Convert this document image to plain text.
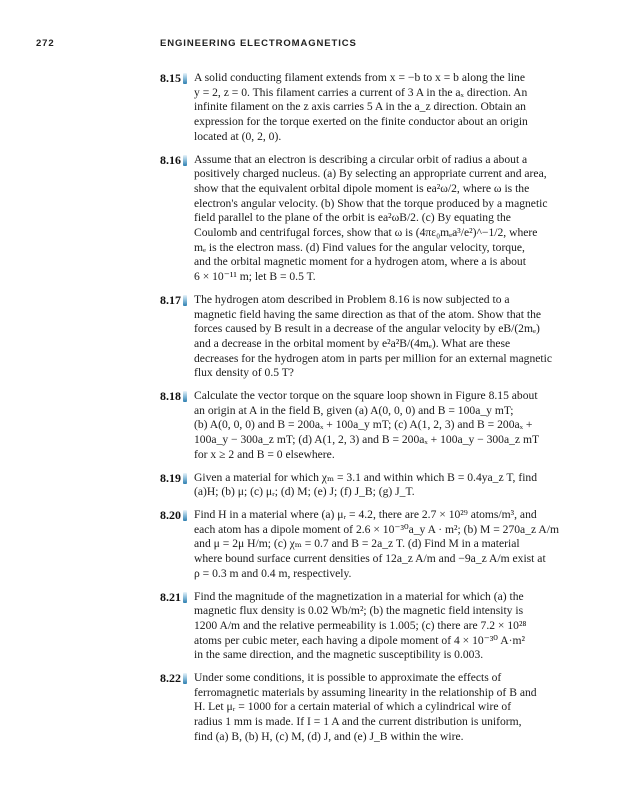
272	ENGINEERING ELECTROMAGNETICS
8.15 A solid conducting filament extends from x = −b to x = b along the line
y = 2, z = 0. This filament carries a current of 3 A in the aₓ direction. An
infinite filament on the z axis carries 5 A in the a_z direction. Obtain an
expression for the torque exerted on the finite conductor about an origin
located at (0, 2, 0).
8.16 Assume that an electron is describing a circular orbit of radius a about a
positively charged nucleus. (a) By selecting an appropriate current and area,
show that the equivalent orbital dipole moment is ea²ω/2, where ω is the
electron's angular velocity. (b) Show that the torque produced by a magnetic
field parallel to the plane of the orbit is ea²ωB/2. (c) By equating the
Coulomb and centrifugal forces, show that ω is (4πε₀mₑa³/e²)^−1/2, where
mₑ is the electron mass. (d) Find values for the angular velocity, torque,
and the orbital magnetic moment for a hydrogen atom, where a is about
6 × 10⁻¹¹ m; let B = 0.5 T.
8.17 The hydrogen atom described in Problem 8.16 is now subjected to a
magnetic field having the same direction as that of the atom. Show that the
forces caused by B result in a decrease of the angular velocity by eB/(2mₑ)
and a decrease in the orbital moment by e²a²B/(4mₑ). What are these
decreases for the hydrogen atom in parts per million for an external magnetic
flux density of 0.5 T?
8.18 Calculate the vector torque on the square loop shown in Figure 8.15 about
an origin at A in the field B, given (a) A(0, 0, 0) and B = 100a_y mT;
(b) A(0, 0, 0) and B = 200aₓ + 100a_y mT; (c) A(1, 2, 3) and B = 200aₓ +
100a_y − 300a_z mT; (d) A(1, 2, 3) and B = 200aₓ + 100a_y − 300a_z mT
for x ≥ 2 and B = 0 elsewhere.
8.19 Given a material for which χₘ = 3.1 and within which B = 0.4ya_z T, find
(a)H; (b) μ; (c) μᵣ; (d) M; (e) J; (f) J_B; (g) J_T.
8.20 Find H in a material where (a) μᵣ = 4.2, there are 2.7 × 10²⁹ atoms/m³, and
each atom has a dipole moment of 2.6 × 10⁻³⁰a_y A · m²; (b) M = 270a_z A/m
and μ = 2μ H/m; (c) χₘ = 0.7 and B = 2a_z T. (d) Find M in a material
where bound surface current densities of 12a_z A/m and −9a_z A/m exist at
ρ = 0.3 m and 0.4 m, respectively.
8.21 Find the magnitude of the magnetization in a material for which (a) the
magnetic flux density is 0.02 Wb/m²; (b) the magnetic field intensity is
1200 A/m and the relative permeability is 1.005; (c) there are 7.2 × 10²⁸
atoms per cubic meter, each having a dipole moment of 4 × 10⁻³⁰ A·m²
in the same direction, and the magnetic susceptibility is 0.003.
8.22 Under some conditions, it is possible to approximate the effects of
ferromagnetic materials by assuming linearity in the relationship of B and
H. Let μᵣ = 1000 for a certain material of which a cylindrical wire of
radius 1 mm is made. If I = 1 A and the current distribution is uniform,
find (a) B, (b) H, (c) M, (d) J, and (e) J_B within the wire.
